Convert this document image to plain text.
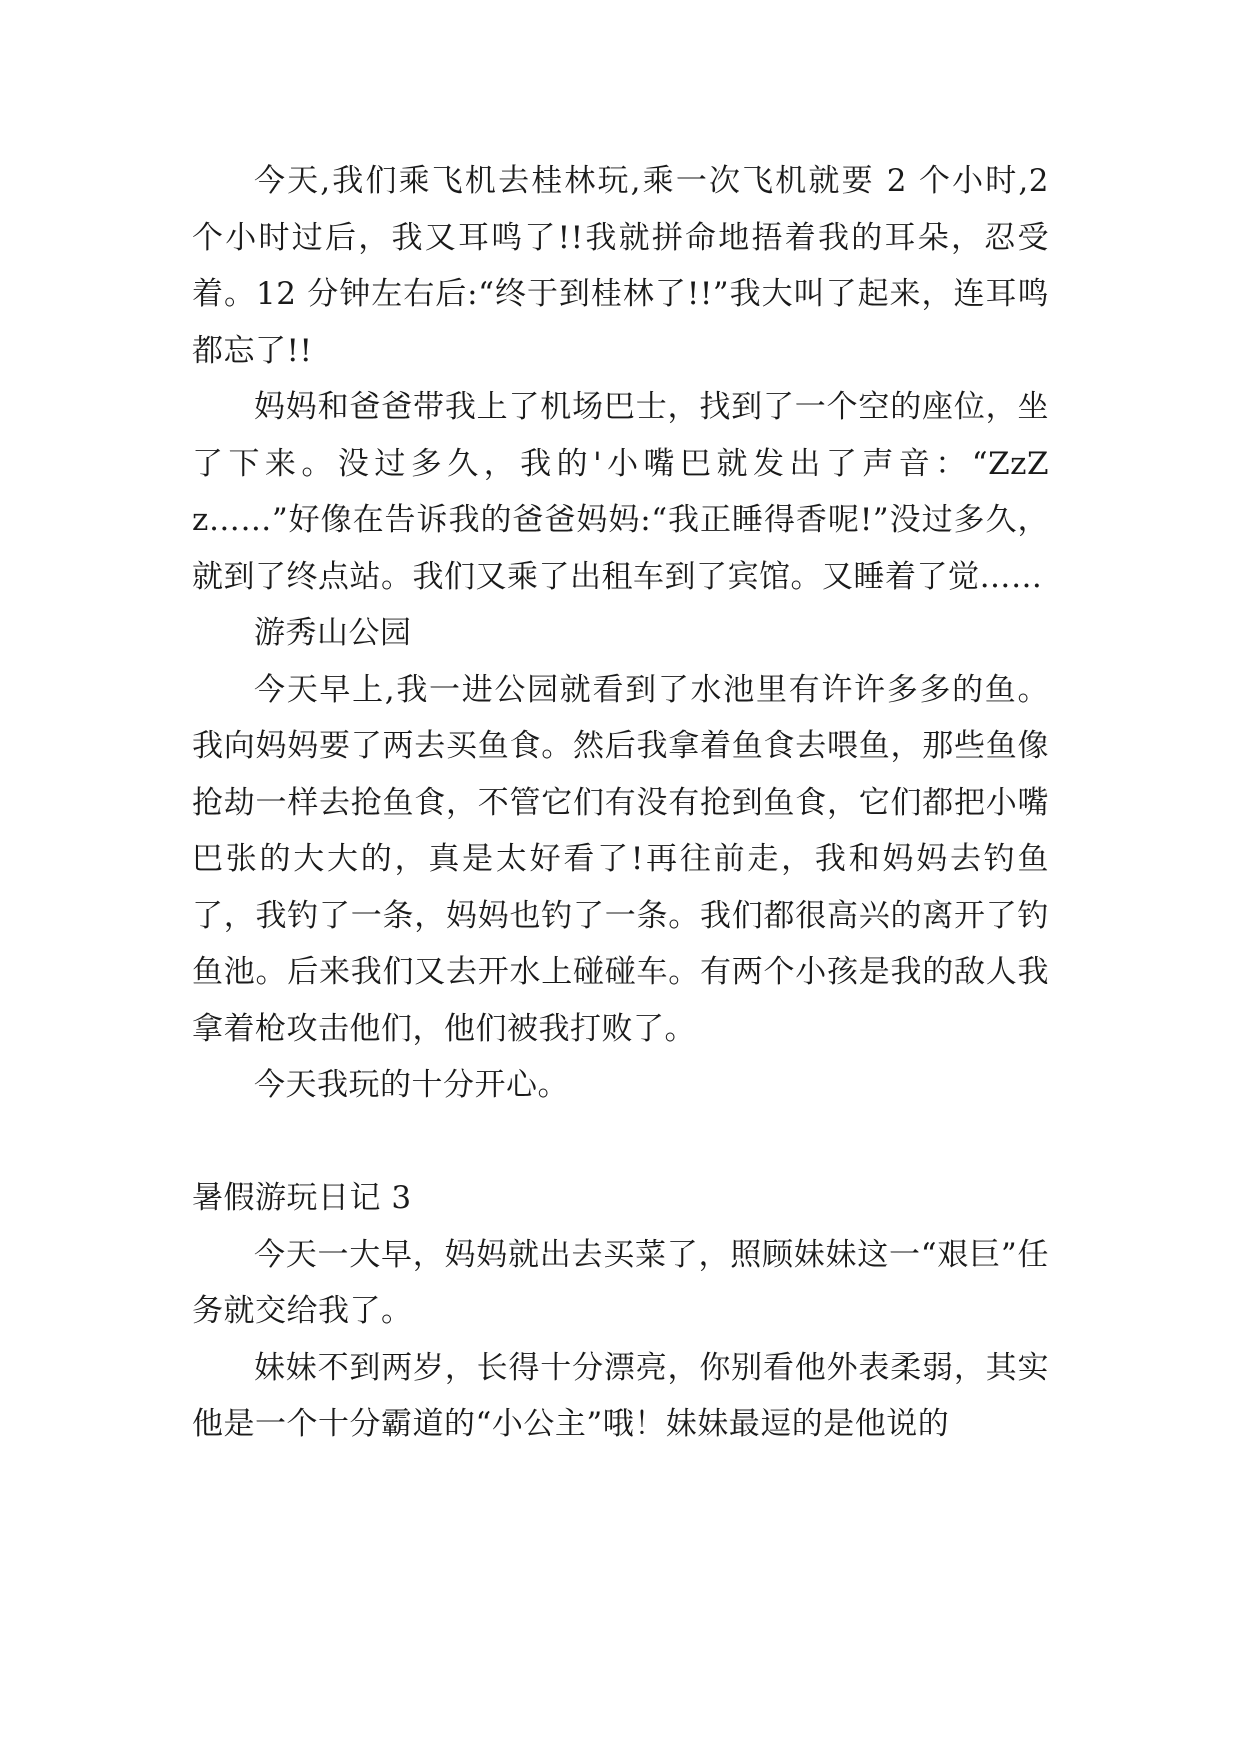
今天,我们乘飞机去桂林玩,乘一次飞机就要 2 个小时,2 个小时过后，我又耳鸣了!!我就拼命地捂着我的耳朵，忍受着。12 分钟左右后:“终于到桂林了!!”我大叫了起来，连耳鸣都忘了!!

妈妈和爸爸带我上了机场巴士，找到了一个空的座位，坐了下来。没过多久，我的'小嘴巴就发出了声音：“ZzZz……”好像在告诉我的爸爸妈妈:“我正睡得香呢!”没过多久，就到了终点站。我们又乘了出租车到了宾馆。又睡着了觉……

游秀山公园

今天早上,我一进公园就看到了水池里有许许多多的鱼。我向妈妈要了两去买鱼食。然后我拿着鱼食去喂鱼，那些鱼像抢劫一样去抢鱼食，不管它们有没有抢到鱼食，它们都把小嘴巴张的大大的，真是太好看了!再往前走，我和妈妈去钓鱼了，我钓了一条，妈妈也钓了一条。我们都很高兴的离开了钓鱼池。后来我们又去开水上碰碰车。有两个小孩是我的敌人我拿着枪攻击他们，他们被我打败了。

今天我玩的十分开心。

暑假游玩日记 3

今天一大早，妈妈就出去买菜了，照顾妹妹这一“艰巨”任务就交给我了。

妹妹不到两岁，长得十分漂亮，你别看他外表柔弱，其实他是一个十分霸道的“小公主”哦！妹妹最逗的是他说的
